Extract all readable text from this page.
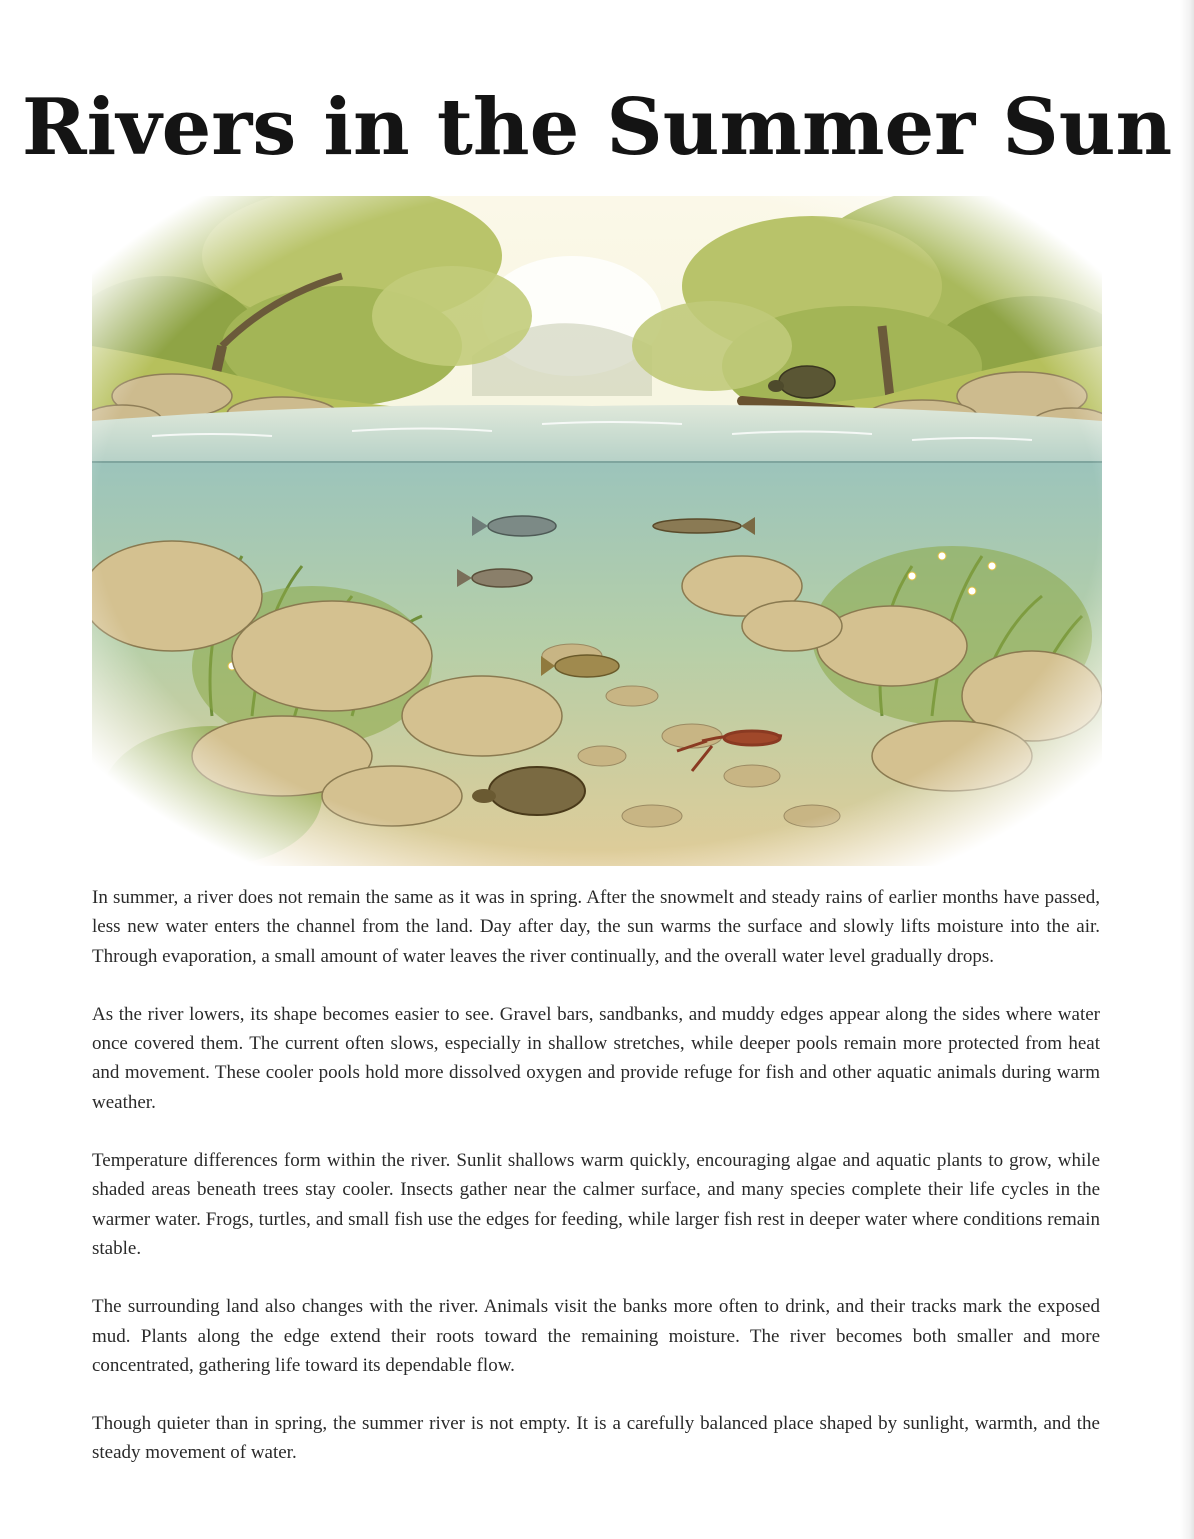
Rivers in the Summer Sun

In summer, a river does not remain the same as it was in spring. After the snowmelt and steady rains of earlier months have passed, less new water enters the channel from the land. Day after day, the sun warms the surface and slowly lifts moisture into the air. Through evaporation, a small amount of water leaves the river continually, and the overall water level gradually drops.

As the river lowers, its shape becomes easier to see. Gravel bars, sandbanks, and muddy edges appear along the sides where water once covered them. The current often slows, especially in shallow stretches, while deeper pools remain more protected from heat and movement. These cooler pools hold more dissolved oxygen and provide refuge for fish and other aquatic animals during warm weather.

Temperature differences form within the river. Sunlit shallows warm quickly, encouraging algae and aquatic plants to grow, while shaded areas beneath trees stay cooler. Insects gather near the calmer surface, and many species complete their life cycles in the warmer water. Frogs, turtles, and small fish use the edges for feeding, while larger fish rest in deeper water where conditions remain stable.

The surrounding land also changes with the river. Animals visit the banks more often to drink, and their tracks mark the exposed mud. Plants along the edge extend their roots toward the remaining moisture. The river becomes both smaller and more concentrated, gathering life toward its dependable flow.

Though quieter than in spring, the summer river is not empty. It is a carefully balanced place shaped by sunlight, warmth, and the steady movement of water.
